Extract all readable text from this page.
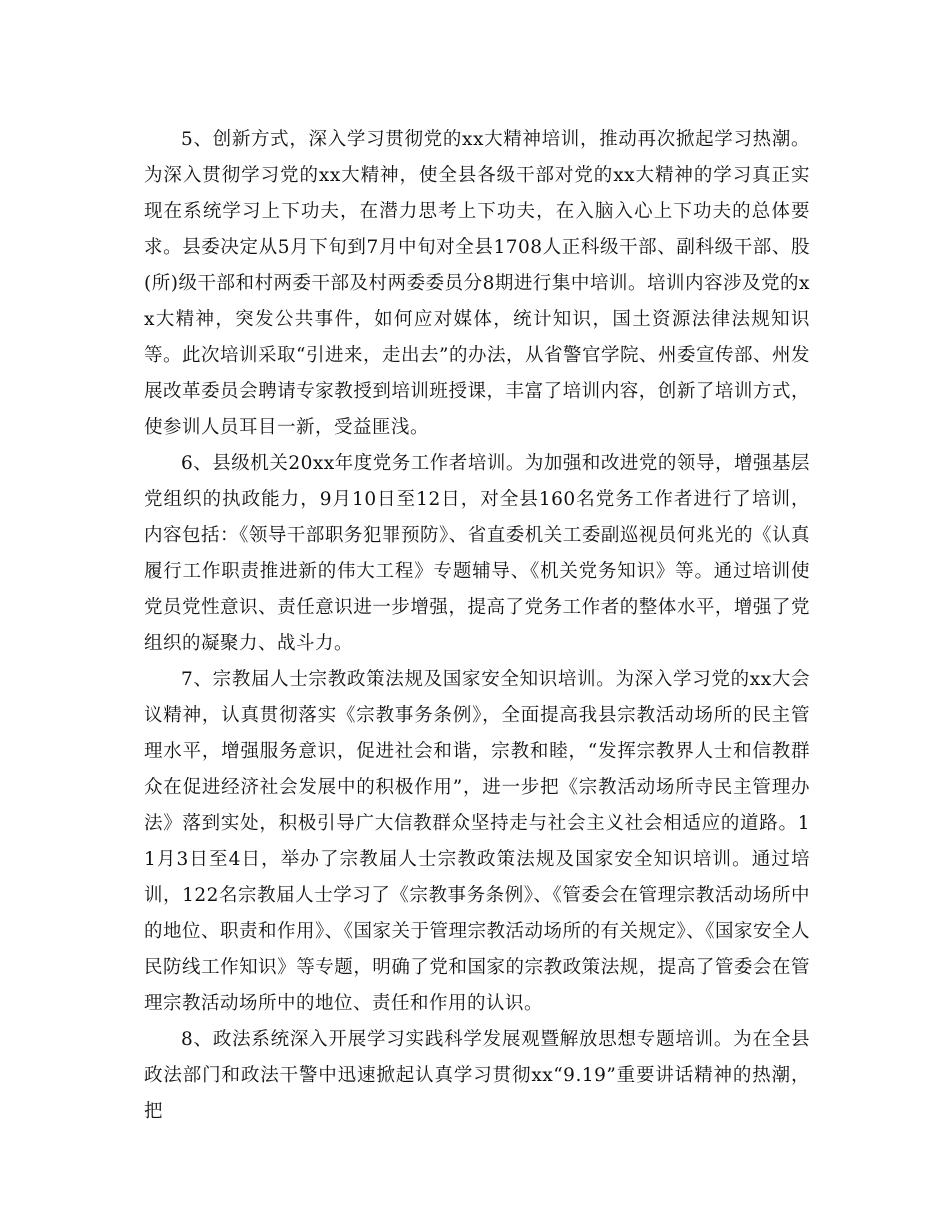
5、创新方式，深入学习贯彻党的xx大精神培训，推动再次掀起学习热潮。为深入贯彻学习党的xx大精神，使全县各级干部对党的xx大精神的学习真正实现在系统学习上下功夫，在潜力思考上下功夫，在入脑入心上下功夫的总体要求。县委决定从5月下旬到7月中旬对全县1708人正科级干部、副科级干部、股(所)级干部和村两委干部及村两委委员分8期进行集中培训。培训内容涉及党的xx大精神，突发公共事件，如何应对媒体，统计知识，国土资源法律法规知识等。此次培训采取“引进来，走出去”的办法，从省警官学院、州委宣传部、州发展改革委员会聘请专家教授到培训班授课，丰富了培训内容，创新了培训方式，使参训人员耳目一新，受益匪浅。

6、县级机关20xx年度党务工作者培训。为加强和改进党的领导，增强基层党组织的执政能力，9月10日至12日，对全县160名党务工作者进行了培训，内容包括：《领导干部职务犯罪预防》、省直委机关工委副巡视员何兆光的《认真履行工作职责推进新的伟大工程》专题辅导、《机关党务知识》等。通过培训使党员党性意识、责任意识进一步增强，提高了党务工作者的整体水平，增强了党组织的凝聚力、战斗力。

7、宗教届人士宗教政策法规及国家安全知识培训。为深入学习党的xx大会议精神，认真贯彻落实《宗教事务条例》，全面提高我县宗教活动场所的民主管理水平，增强服务意识，促进社会和谐，宗教和睦，“发挥宗教界人士和信教群众在促进经济社会发展中的积极作用”，进一步把《宗教活动场所寺民主管理办法》落到实处，积极引导广大信教群众坚持走与社会主义社会相适应的道路。11月3日至4日，举办了宗教届人士宗教政策法规及国家安全知识培训。通过培训，122名宗教届人士学习了《宗教事务条例》、《管委会在管理宗教活动场所中的地位、职责和作用》、《国家关于管理宗教活动场所的有关规定》、《国家安全人民防线工作知识》等专题，明确了党和国家的宗教政策法规，提高了管委会在管理宗教活动场所中的地位、责任和作用的认识。

8、政法系统深入开展学习实践科学发展观暨解放思想专题培训。为在全县政法部门和政法干警中迅速掀起认真学习贯彻xx“9.19”重要讲话精神的热潮，把
